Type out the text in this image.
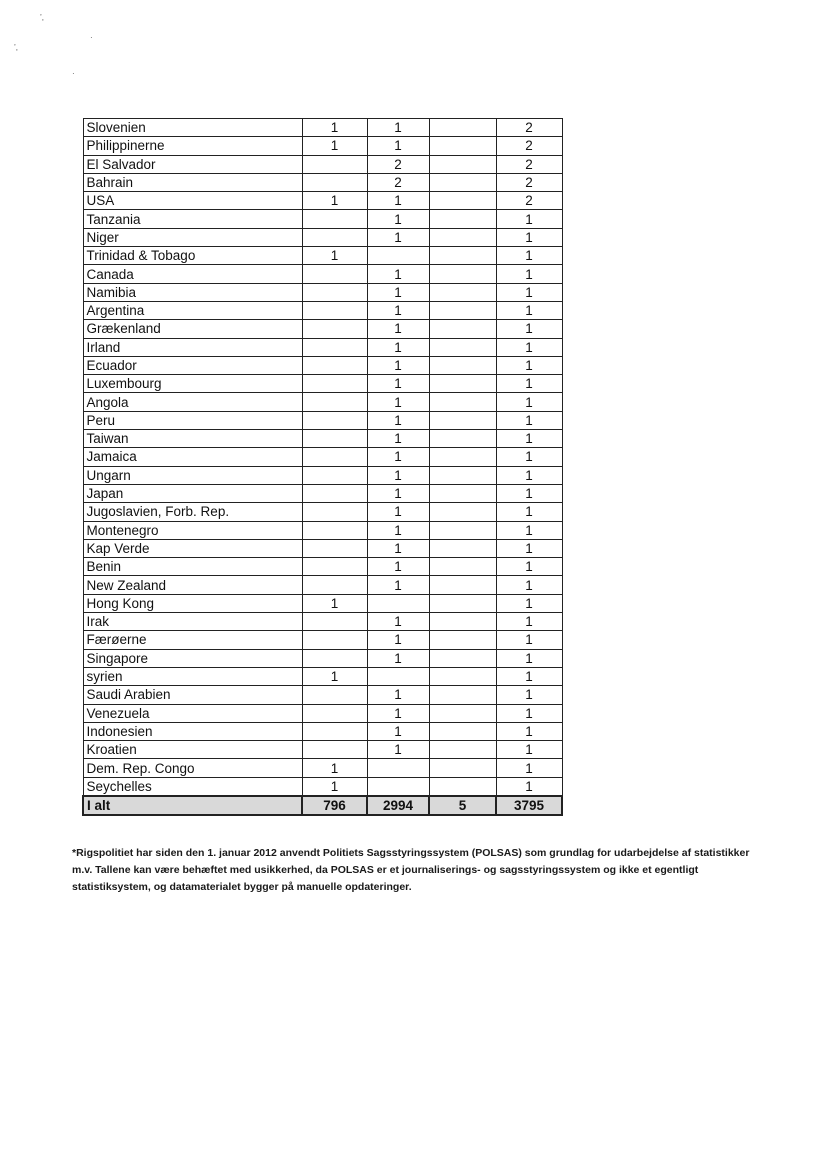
’,
·
’,
·
Slovenien	1	1		2
Philippinerne	1	1		2
El Salvador		2		2
Bahrain		2		2
USA	1	1		2
Tanzania		1		1
Niger		1		1
Trinidad & Tobago	1			1
Canada		1		1
Namibia		1		1
Argentina		1		1
Grækenland		1		1
Irland		1		1
Ecuador		1		1
Luxembourg		1		1
Angola		1		1
Peru		1		1
Taiwan		1		1
Jamaica		1		1
Ungarn		1		1
Japan		1		1
Jugoslavien, Forb. Rep.		1		1
Montenegro		1		1
Kap Verde		1		1
Benin		1		1
New Zealand		1		1
Hong Kong	1			1
Irak		1		1
Færøerne		1		1
Singapore		1		1
syrien	1			1
Saudi Arabien		1		1
Venezuela		1		1
Indonesien		1		1
Kroatien		1		1
Dem. Rep. Congo	1			1
Seychelles	1			1
I alt	796	2994	5	3795
*Rigspolitiet har siden den 1. januar 2012 anvendt Politiets Sagsstyringssystem (POLSAS) som grundlag for udarbejdelse af statistikker m.v. Tallene kan være behæftet med usikkerhed, da POLSAS er et journaliserings- og sagsstyringssystem og ikke et egentligt statistiksystem, og datamaterialet bygger på manuelle opdateringer.
